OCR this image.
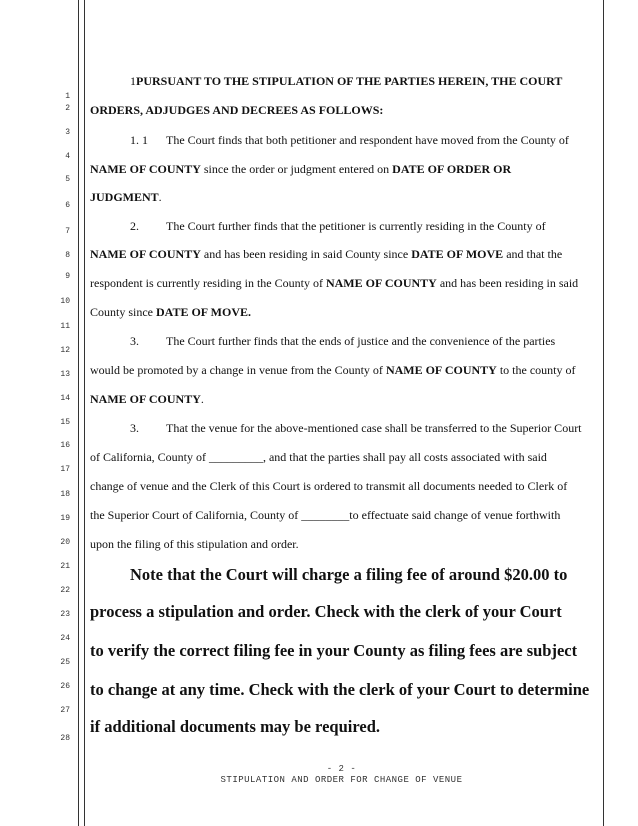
1
2
3
4
5
6
7
8
9
10
11
12
13
14
15
16
17
18
19
20
21
22
23
24
25
26
27
28
1PURSUANT TO THE STIPULATION OF THE PARTIES HEREIN, THE COURT
ORDERS, ADJUDGES AND DECREES AS FOLLOWS:
1. 1 The Court finds that both petitioner and respondent have moved from the County of
NAME OF COUNTY since the order or judgment entered on DATE OF ORDER OR
JUDGMENT.
2. The Court further finds that the petitioner is currently residing in the County of
NAME OF COUNTY and has been residing in said County since DATE OF MOVE and that the
respondent is currently residing in the County of NAME OF COUNTY and has been residing in said
County since DATE OF MOVE.
3. The Court further finds that the ends of justice and the convenience of the parties
would be promoted by a change in venue from the County of NAME OF COUNTY to the county of
NAME OF COUNTY.
3. That the venue for the above-mentioned case shall be transferred to the Superior Court
of California, County of _________, and that the parties shall pay all costs associated with said
change of venue and the Clerk of this Court is ordered to transmit all documents needed to Clerk of
the Superior Court of California, County of ________to effectuate said change of venue forthwith
upon the filing of this stipulation and order.
Note that the Court will charge a filing fee of around $20.00 to
process a stipulation and order. Check with the clerk of your Court
to verify the correct filing fee in your County as filing fees are subject
to change at any time. Check with the clerk of your Court to determine
if additional documents may be required.
- 2 -
STIPULATION AND ORDER FOR CHANGE OF VENUE
